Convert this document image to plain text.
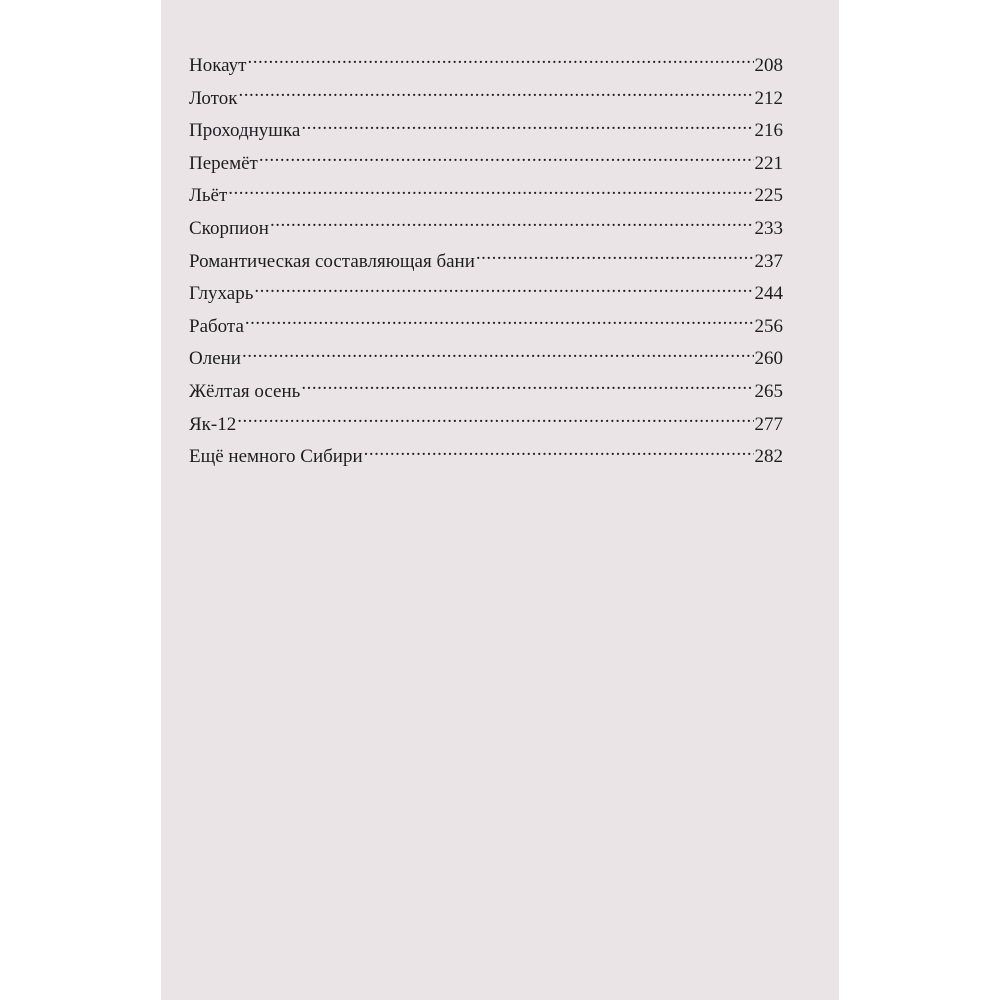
Нокаут .....	208
Лоток .....	212
Проходнушка .....	216
Перемёт .....	221
Льёт .....	225
Скорпион .....	233
Романтическая составляющая бани .....	237
Глухарь .....	244
Работа .....	256
Олени .....	260
Жёлтая осень .....	265
Як-12 .....	277
Ещё немного Сибири .....	282
